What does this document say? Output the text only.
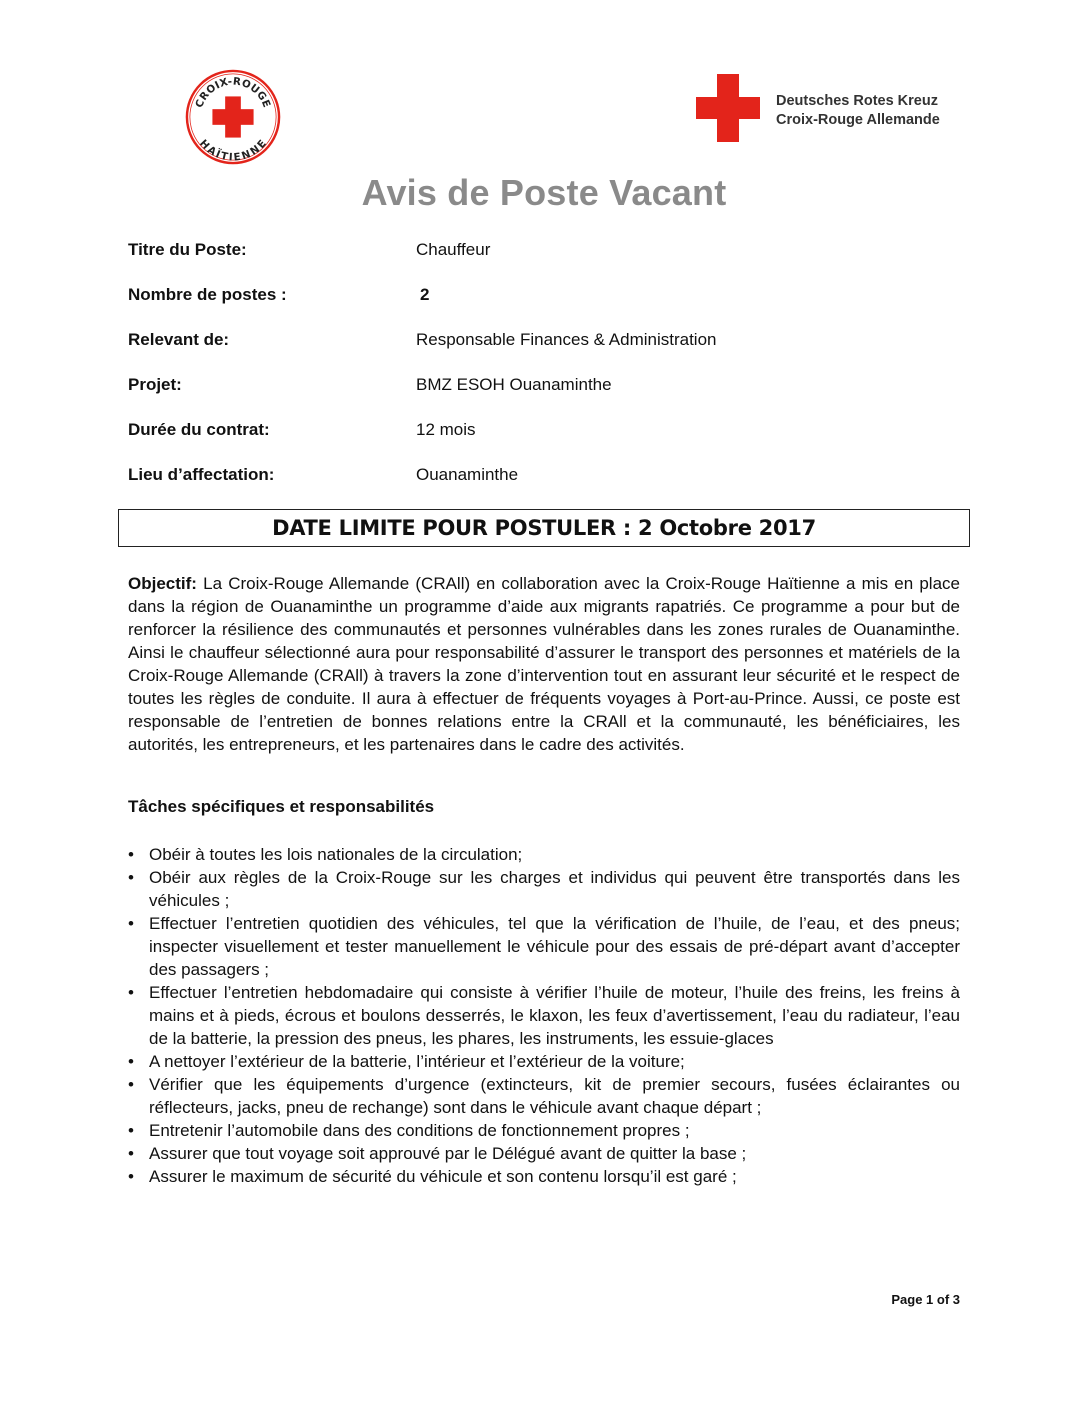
CROIX-ROUGE
HAÏTIENNE
Deutsches Rotes Kreuz
Croix-Rouge Allemande
Avis de Poste Vacant
Titre du Poste:	Chauffeur
Nombre de postes :	2
Relevant de:	Responsable Finances & Administration
Projet:	BMZ ESOH Ouanaminthe
Durée du contrat:	12 mois
Lieu d’affectation:	Ouanaminthe
DATE LIMITE POUR POSTULER : 2 Octobre 2017
Objectif: La Croix-Rouge Allemande (CRAll) en collaboration avec la Croix-Rouge Haïtienne a mis en place dans la région de Ouanaminthe un programme d’aide aux migrants rapatriés. Ce programme a pour but de renforcer la résilience des communautés et personnes vulnérables dans les zones rurales de Ouanaminthe. Ainsi le chauffeur sélectionné aura pour responsabilité d’assurer le transport des personnes et matériels de la Croix-Rouge Allemande (CRAll) à travers la zone d’intervention tout en assurant leur sécurité et le respect de toutes les règles de conduite. Il aura à effectuer de fréquents voyages à Port-au-Prince. Aussi, ce poste est responsable de l’entretien de bonnes relations entre la CRAll et la communauté, les bénéficiaires, les autorités, les entrepreneurs, et les partenaires dans le cadre des activités.
Tâches spécifiques et responsabilités
• Obéir à toutes les lois nationales de la circulation;
• Obéir aux règles de la Croix-Rouge sur les charges et individus qui peuvent être transportés dans les véhicules ;
• Effectuer l’entretien quotidien des véhicules, tel que la vérification de l’huile, de l’eau, et des pneus; inspecter visuellement et tester manuellement le véhicule pour des essais de pré-départ avant d’accepter des passagers ;
• Effectuer l’entretien hebdomadaire qui consiste à vérifier l’huile de moteur, l’huile des freins, les freins à mains et à pieds, écrous et boulons desserrés, le klaxon, les feux d’avertissement, l’eau du radiateur, l’eau de la batterie, la pression des pneus, les phares, les instruments, les essuie-glaces
• A nettoyer l’extérieur de la batterie, l’intérieur et l’extérieur de la voiture;
• Vérifier que les équipements d’urgence (extincteurs, kit de premier secours, fusées éclairantes ou réflecteurs, jacks, pneu de rechange) sont dans le véhicule avant chaque départ ;
• Entretenir l’automobile dans des conditions de fonctionnement propres ;
• Assurer que tout voyage soit approuvé par le Délégué avant de quitter la base ;
• Assurer le maximum de sécurité du véhicule et son contenu lorsqu’il est garé ;
Page 1 of 3
